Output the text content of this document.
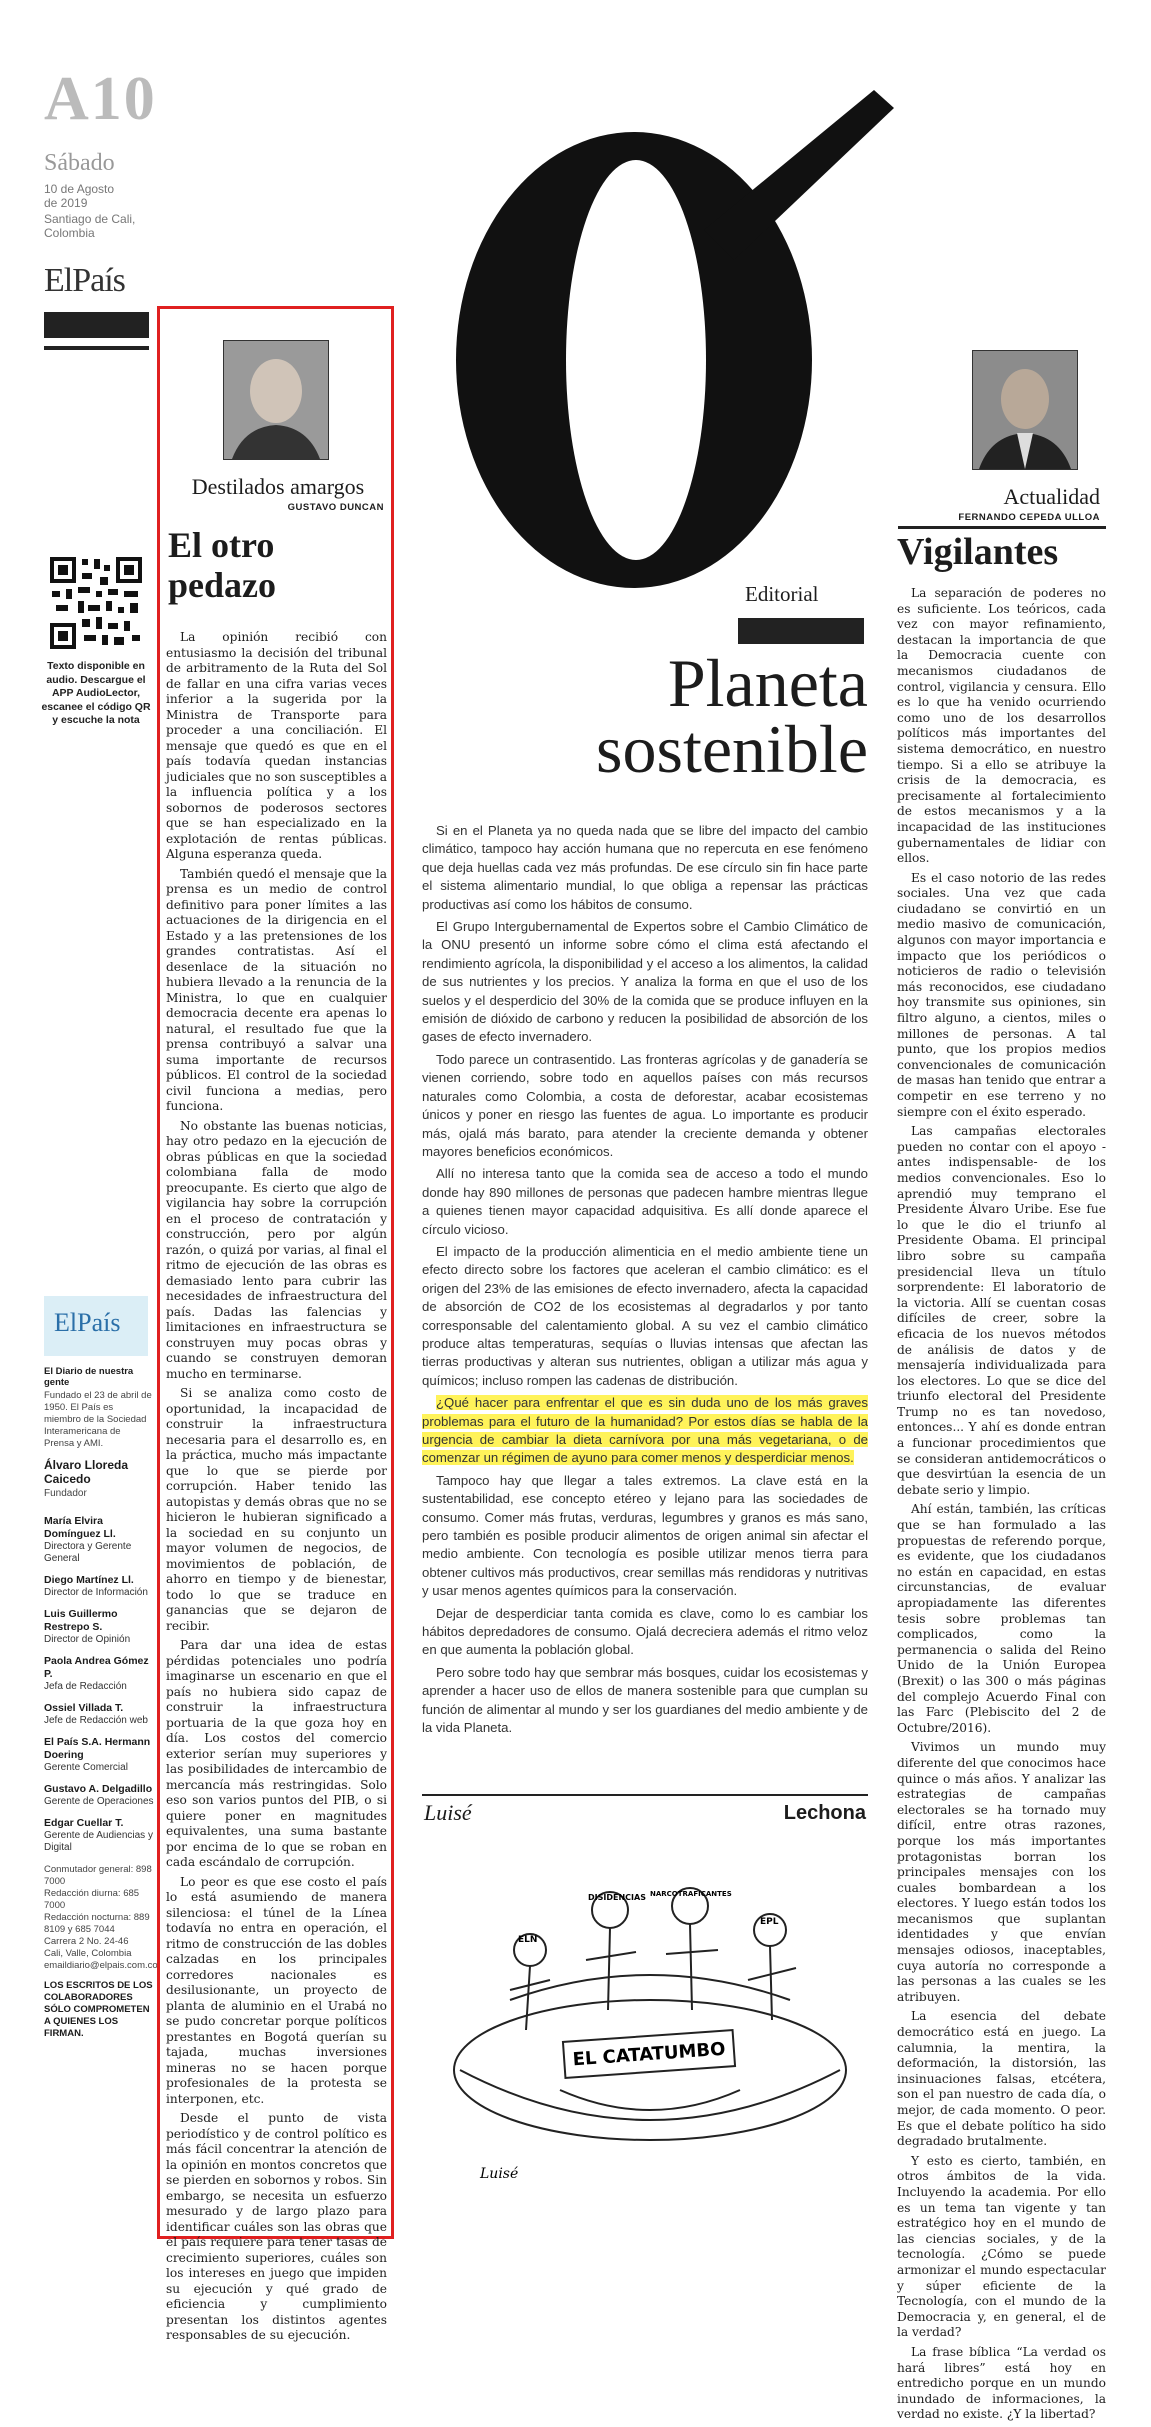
A10
Sábado
10 de Agosto
de 2019
Santiago de Cali,
Colombia
ElPaís
Texto disponible en audio. Descargue el APP AudioLector, escanee el código QR y escuche la nota
ElPaís
El Diario de nuestra gente
Fundado el 23 de abril de 1950. El País es miembro de la Sociedad Interamericana de Prensa y AMI.
Álvaro Lloreda Caicedo
Fundador
María Elvira Domínguez Ll.
Directora y Gerente General
Diego Martínez Ll.
Director de Información
Luis Guillermo Restrepo S.
Director de Opinión
Paola Andrea Gómez P.
Jefa de Redacción
Ossiel Villada T.
Jefe de Redacción web
El País S.A. Hermann Doering
Gerente Comercial
Gustavo A. Delgadillo
Gerente de Operaciones
Edgar Cuellar T.
Gerente de Audiencias y Digital
Conmutador general: 898 7000
Redacción diurna: 685 7000
Redacción nocturna: 889 8109 y 685 7044
Carrera 2 No. 24-46
Cali, Valle, Colombia
emaildiario@elpais.com.co
LOS ESCRITOS DE LOS COLABORADORES SÓLO COMPROMETEN A QUIENES LOS FIRMAN.
Destilados amargos
GUSTAVO DUNCAN
El otro
pedazo

La opinión recibió con entusiasmo la decisión del tribunal de arbitramento de la Ruta del Sol de fallar en una cifra varias veces inferior a la sugerida por la Ministra de Transporte para proceder a una conciliación. El mensaje que quedó es que en el país todavía quedan instancias judiciales que no son susceptibles a la influencia política y a los sobornos de poderosos sectores que se han especializado en la explotación de rentas públicas. Alguna esperanza queda.

También quedó el mensaje que la prensa es un medio de control definitivo para poner límites a las actuaciones de la dirigencia en el Estado y a las pretensiones de los grandes contratistas. Así el desenlace de la situación no hubiera llevado a la renuncia de la Ministra, lo que en cualquier democracia decente era apenas lo natural, el resultado fue que la prensa contribuyó a salvar una suma importante de recursos públicos. El control de la sociedad civil funciona a medias, pero funciona.

No obstante las buenas noticias, hay otro pedazo en la ejecución de obras públicas en que la sociedad colombiana falla de modo preocupante. Es cierto que algo de vigilancia hay sobre la corrupción en el proceso de contratación y construcción, pero por algún razón, o quizá por varias, al final el ritmo de ejecución de las obras es demasiado lento para cubrir las necesidades de infraestructura del país. Dadas las falencias y limitaciones en infraestructura se construyen muy pocas obras y cuando se construyen demoran mucho en terminarse.

Si se analiza como costo de oportunidad, la incapacidad de construir la infraestructura necesaria para el desarrollo es, en la práctica, mucho más impactante que lo que se pierde por corrupción. Haber tenido las autopistas y demás obras que no se hicieron le hubieran significado a la sociedad en su conjunto un mayor volumen de negocios, de movimientos de población, de ahorro en tiempo y de bienestar, todo lo que se traduce en ganancias que se dejaron de recibir.

Para dar una idea de estas pérdidas potenciales uno podría imaginarse un escenario en que el país no hubiera sido capaz de construir la infraestructura portuaria de la que goza hoy en día. Los costos del comercio exterior serían muy superiores y las posibilidades de intercambio de mercancía más restringidas. Solo eso son varios puntos del PIB, o si quiere poner en magnitudes equivalentes, una suma bastante por encima de lo que se roban en cada escándalo de corrupción.

Lo peor es que ese costo el país lo está asumiendo de manera silenciosa: el túnel de la Línea todavía no entra en operación, el ritmo de construcción de las dobles calzadas en los principales corredores nacionales es desilusionante, un proyecto de planta de aluminio en el Urabá no se pudo concretar porque políticos prestantes en Bogotá querían su tajada, muchas inversiones mineras no se hacen porque profesionales de la protesta se interponen, etc.

Desde el punto de vista periodístico y de control político es más fácil concentrar la atención de la opinión en montos concretos que se pierden en sobornos y robos. Sin embargo, se necesita un esfuerzo mesurado y de largo plazo para identificar cuáles son las obras que el país requiere para tener tasas de crecimiento superiores, cuáles son los intereses en juego que impiden su ejecución y qué grado de eficiencia y cumplimiento presentan los distintos agentes responsables de su ejecución.

Editorial
Planeta
sostenible

Si en el Planeta ya no queda nada que se libre del impacto del cambio climático, tampoco hay acción humana que no repercuta en ese fenómeno que deja huellas cada vez más profundas. De ese círculo sin fin hace parte el sistema alimentario mundial, lo que obliga a repensar las prácticas productivas así como los hábitos de consumo.

El Grupo Intergubernamental de Expertos sobre el Cambio Climático de la ONU presentó un informe sobre cómo el clima está afectando el rendimiento agrícola, la disponibilidad y el acceso a los alimentos, la calidad de sus nutrientes y los precios. Y analiza la forma en que el uso de los suelos y el desperdicio del 30% de la comida que se produce influyen en la emisión de dióxido de carbono y reducen la posibilidad de absorción de los gases de efecto invernadero.

Todo parece un contrasentido. Las fronteras agrícolas y de ganadería se vienen corriendo, sobre todo en aquellos países con más recursos naturales como Colombia, a costa de deforestar, acabar ecosistemas únicos y poner en riesgo las fuentes de agua. Lo importante es producir más, ojalá más barato, para atender la creciente demanda y obtener mayores beneficios económicos.

Allí no interesa tanto que la comida sea de acceso a todo el mundo donde hay 890 millones de personas que padecen hambre mientras llegue a quienes tienen mayor capacidad adquisitiva. Es allí donde aparece el círculo vicioso.

El impacto de la producción alimenticia en el medio ambiente tiene un efecto directo sobre los factores que aceleran el cambio climático: es el origen del 23% de las emisiones de efecto invernadero, afecta la capacidad de absorción de CO2 de los ecosistemas al degradarlos y por tanto corresponsable del calentamiento global. A su vez el cambio climático produce altas temperaturas, sequías o lluvias intensas que afectan las tierras productivas y alteran sus nutrientes, obligan a utilizar más agua y químicos; incluso rompen las cadenas de distribución.

¿Qué hacer para enfrentar el que es sin duda uno de los más graves problemas para el futuro de la humanidad? Por estos días se habla de la urgencia de cambiar la dieta carnívora por una más vegetariana, o de comenzar un régimen de ayuno para comer menos y desperdiciar menos.

Tampoco hay que llegar a tales extremos. La clave está en la sustentabilidad, ese concepto etéreo y lejano para las sociedades de consumo. Comer más frutas, verduras, legumbres y granos es más sano, pero también es posible producir alimentos de origen animal sin afectar el medio ambiente. Con tecnología es posible utilizar menos tierra para obtener cultivos más productivos, crear semillas más rendidoras y nutritivas y usar menos agentes químicos para la conservación.

Dejar de desperdiciar tanta comida es clave, como lo es cambiar los hábitos depredadores de consumo. Ojalá decreciera además el ritmo veloz en que aumenta la población global.

Pero sobre todo hay que sembrar más bosques, cuidar los ecosistemas y aprender a hacer uso de ellos de manera sostenible para que cumplan su función de alimentar al mundo y ser los guardianes del medio ambiente y de la vida Planeta.

Luisé	Lechona
EL CATATUMBO
ELN
DISIDENCIAS NARCOTRAFICANTES
EPL
Luisé
Actualidad
FERNANDO CEPEDA ULLOA
Vigilantes

La separación de poderes no es suficiente. Los teóricos, cada vez con mayor refinamiento, destacan la importancia de que la Democracia cuente con mecanismos ciudadanos de control, vigilancia y censura. Ello es lo que ha venido ocurriendo como uno de los desarrollos políticos más importantes del sistema democrático, en nuestro tiempo. Si a ello se atribuye la crisis de la democracia, es precisamente al fortalecimiento de estos mecanismos y a la incapacidad de las instituciones gubernamentales de lidiar con ellos.

Es el caso notorio de las redes sociales. Una vez que cada ciudadano se convirtió en un medio masivo de comunicación, algunos con mayor importancia e impacto que los periódicos o noticieros de radio o televisión más reconocidos, ese ciudadano hoy transmite sus opiniones, sin filtro alguno, a cientos, miles o millones de personas. A tal punto, que los propios medios convencionales de comunicación de masas han tenido que entrar a competir en ese terreno y no siempre con el éxito esperado.

Las campañas electorales pueden no contar con el apoyo -antes indispensable- de los medios convencionales. Eso lo aprendió muy temprano el Presidente Álvaro Uribe. Ese fue lo que le dio el triunfo al Presidente Obama. El principal libro sobre su campaña presidencial lleva un título sorprendente: El laboratorio de la victoria. Allí se cuentan cosas difíciles de creer, sobre la eficacia de los nuevos métodos de análisis de datos y de mensajería individualizada para los electores. Lo que se dice del triunfo electoral del Presidente Trump no es tan novedoso, entonces... Y ahí es donde entran a funcionar procedimientos que se consideran antidemocráticos o que desvirtúan la esencia de un debate serio y limpio.

Ahí están, también, las críticas que se han formulado a las propuestas de referendo porque, es evidente, que los ciudadanos no están en capacidad, en estas circunstancias, de evaluar apropiadamente las diferentes tesis sobre problemas tan complicados, como la permanencia o salida del Reino Unido de la Unión Europea (Brexit) o las 300 o más páginas del complejo Acuerdo Final con las Farc (Plebiscito del 2 de Octubre/2016).

Vivimos un mundo muy diferente del que conocimos hace quince o más años. Y analizar las estrategias de campañas electorales se ha tornado muy difícil, entre otras razones, porque los más importantes protagonistas borran los principales mensajes con los cuales bombardean a los electores. Y luego están todos los mecanismos que suplantan identidades y que envían mensajes odiosos, inaceptables, cuya autoría no corresponde a las personas a las cuales se les atribuyen.

La esencia del debate democrático está en juego. La calumnia, la mentira, la deformación, la distorsión, las insinuaciones falsas, etcétera, son el pan nuestro de cada día, o mejor, de cada momento. O peor. Es que el debate político ha sido degradado brutalmente.

Y esto es cierto, también, en otros ámbitos de la vida. Incluyendo la academia. Por ello es un tema tan vigente y tan estratégico hoy en el mundo de las ciencias sociales, y de la tecnología. ¿Cómo se puede armonizar el mundo espectacular y súper eficiente de la Tecnología, con el mundo de la Democracia y, en general, el de la verdad?

La frase bíblica “La verdad os hará libres” está hoy en entredicho porque en un mundo inundado de informaciones, la verdad no existe. ¿Y la libertad?
